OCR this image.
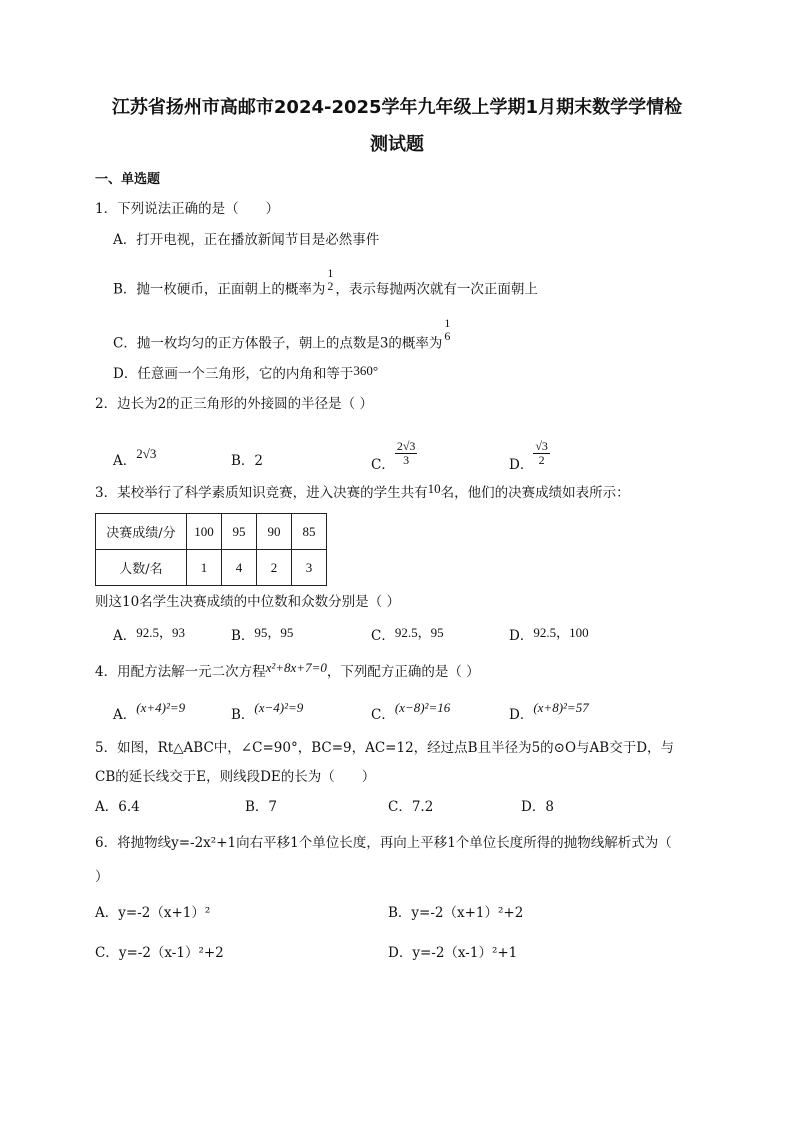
江苏省扬州市高邮市2024-2025学年九年级上学期1月期末数学学情检
测试题
一、单选题
1．下列说法正确的是（　　）
A．打开电视，正在播放新闻节目是必然事件
B．抛一枚硬币，正面朝上的概率为
1
2 ，表示每抛两次就有一次正面朝上
C．抛一枚均匀的正方体骰子，朝上的点数是3的概率为
1
6
D．任意画一个三角形，它的内角和等于360°
2．边长为2的正三角形的外接圆的半径是（ ）
A．2√3	B．2	C． $\frac{2√3}{3}$	D． $\frac{√3}{2}$
3．某校举行了科学素质知识竞赛，进入决赛的学生共有10名，他们的决赛成绩如表所示：
决赛成绩/分	100	95	90	85
人数/名	1	4	2	3
则这10名学生决赛成绩的中位数和众数分别是（ ）
A．92.5，93	B．95，95	C．92.5，95	D．92.5，100
4．用配方法解一元二次方程x²+8x+7=0，下列配方正确的是（ ）
A．(x+4)²=9	B．(x−4)²=9	C．(x−8)²=16	D．(x+8)²=57
5．如图，Rt△ABC中，∠C=90°，BC=9，AC=12，经过点B且半径为5的⊙O与AB交于D，与
CB的延长线交于E，则线段DE的长为（　　）
A．6.4	B．7	C．7.2	D．8
6．将抛物线y=-2x²+1向右平移1个单位长度，再向上平移1个单位长度所得的抛物线解析式为（
）
A．y=-2（x+1）²	B．y=-2（x+1）²+2
C．y=-2（x-1）²+2	D．y=-2（x-1）²+1
